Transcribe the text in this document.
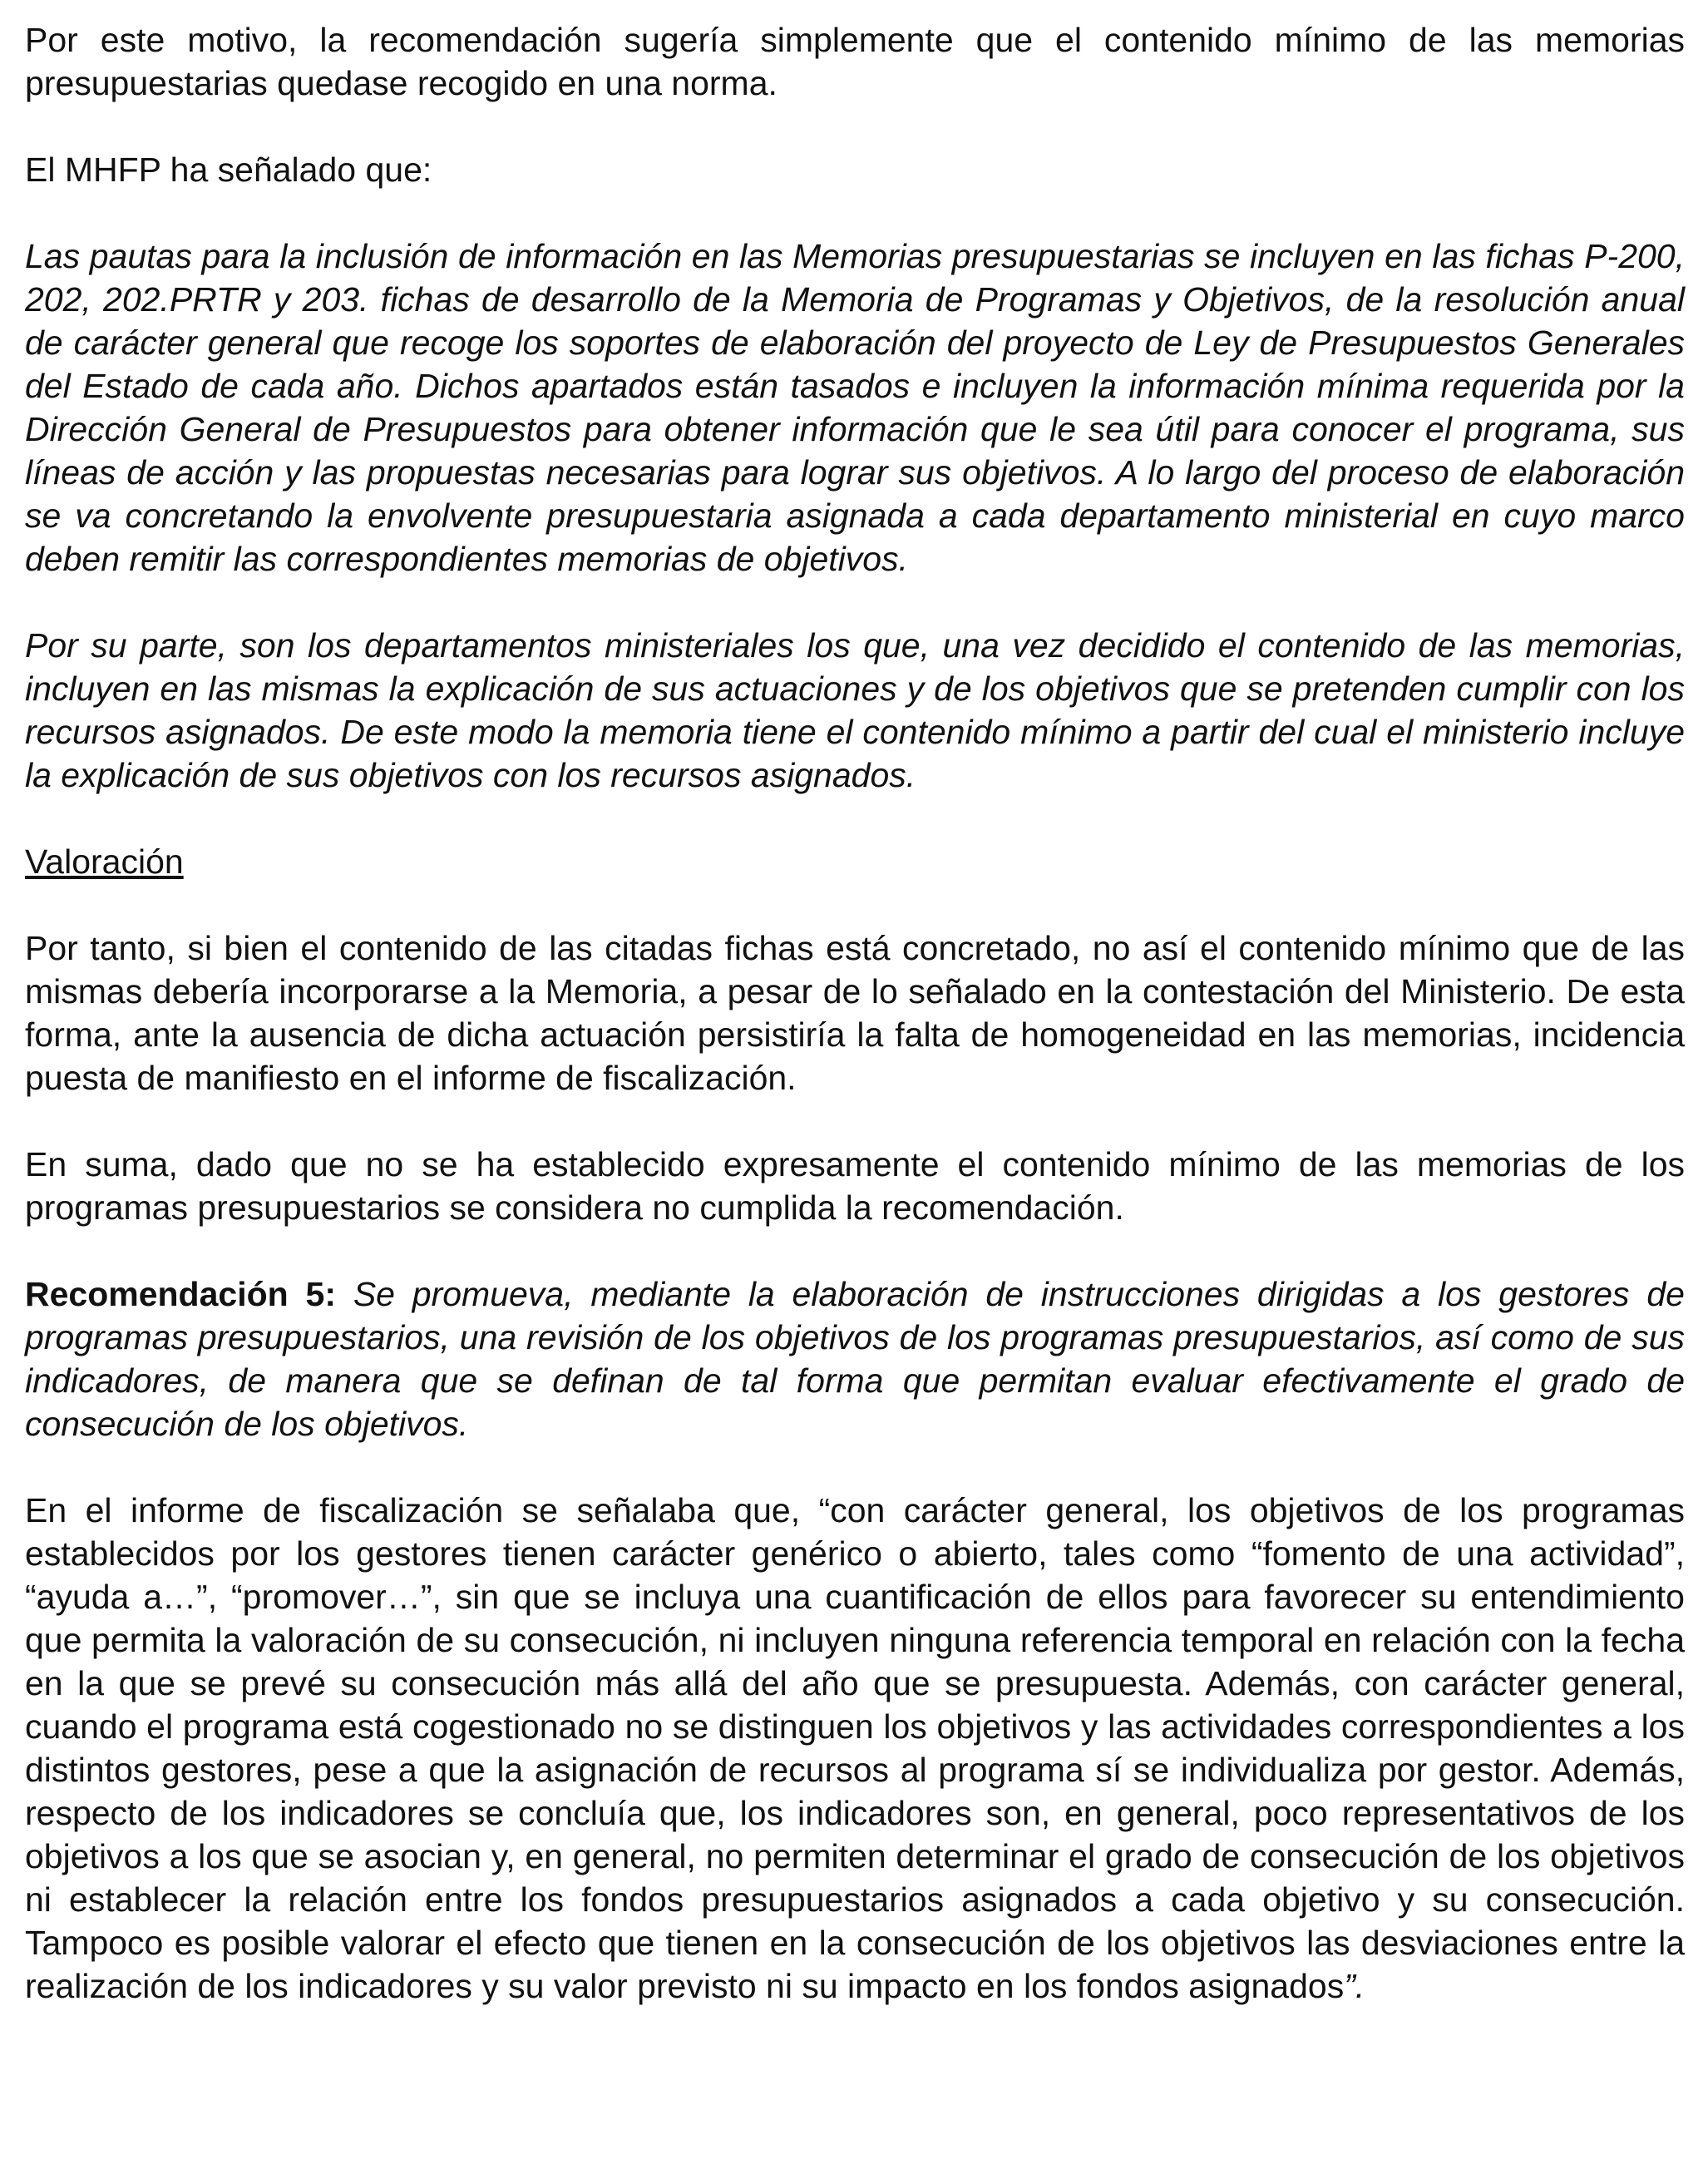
Por este motivo, la recomendación sugería simplemente que el contenido mínimo de las memorias presupuestarias quedase recogido en una norma.

El MHFP ha señalado que:

Las pautas para la inclusión de información en las Memorias presupuestarias se incluyen en las fichas P-200, 202, 202.PRTR y 203. fichas de desarrollo de la Memoria de Programas y Objetivos, de la resolución anual de carácter general que recoge los soportes de elaboración del proyecto de Ley de Presupuestos Generales del Estado de cada año. Dichos apartados están tasados e incluyen la información mínima requerida por la Dirección General de Presupuestos para obtener información que le sea útil para conocer el programa, sus líneas de acción y las propuestas necesarias para lograr sus objetivos. A lo largo del proceso de elaboración se va concretando la envolvente presupuestaria asignada a cada departamento ministerial en cuyo marco deben remitir las correspondientes memorias de objetivos.

Por su parte, son los departamentos ministeriales los que, una vez decidido el contenido de las memorias, incluyen en las mismas la explicación de sus actuaciones y de los objetivos que se pretenden cumplir con los recursos asignados. De este modo la memoria tiene el contenido mínimo a partir del cual el ministerio incluye la explicación de sus objetivos con los recursos asignados.

Valoración

Por tanto, si bien el contenido de las citadas fichas está concretado, no así el contenido mínimo que de las mismas debería incorporarse a la Memoria, a pesar de lo señalado en la contestación del Ministerio. De esta forma, ante la ausencia de dicha actuación persistiría la falta de homogeneidad en las memorias, incidencia puesta de manifiesto en el informe de fiscalización.

En suma, dado que no se ha establecido expresamente el contenido mínimo de las memorias de los programas presupuestarios se considera no cumplida la recomendación.

Recomendación 5: Se promueva, mediante la elaboración de instrucciones dirigidas a los gestores de programas presupuestarios, una revisión de los objetivos de los programas presupuestarios, así como de sus indicadores, de manera que se definan de tal forma que permitan evaluar efectivamente el grado de consecución de los objetivos.

En el informe de fiscalización se señalaba que, “con carácter general, los objetivos de los programas establecidos por los gestores tienen carácter genérico o abierto, tales como “fomento de una actividad”, “ayuda a…”, “promover…”, sin que se incluya una cuantificación de ellos para favorecer su entendimiento que permita la valoración de su consecución, ni incluyen ninguna referencia temporal en relación con la fecha en la que se prevé su consecución más allá del año que se presupuesta. Además, con carácter general, cuando el programa está cogestionado no se distinguen los objetivos y las actividades correspondientes a los distintos gestores, pese a que la asignación de recursos al programa sí se individualiza por gestor. Además, respecto de los indicadores se concluía que, los indicadores son, en general, poco representativos de los objetivos a los que se asocian y, en general, no permiten determinar el grado de consecución de los objetivos ni establecer la relación entre los fondos presupuestarios asignados a cada objetivo y su consecución. Tampoco es posible valorar el efecto que tienen en la consecución de los objetivos las desviaciones entre la realización de los indicadores y su valor previsto ni su impacto en los fondos asignados”.
